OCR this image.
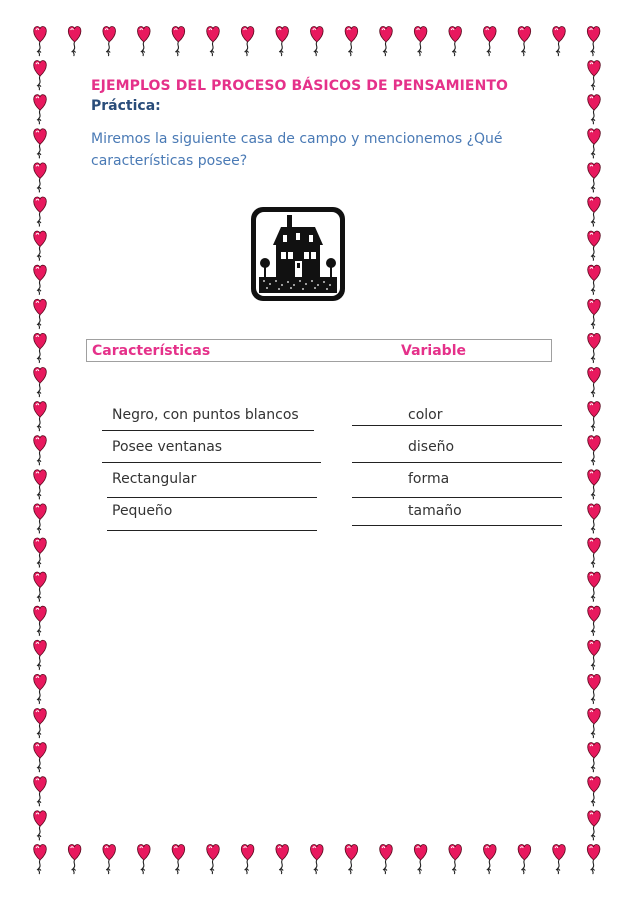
EJEMPLOS DEL PROCESO BÁSICOS DE PENSAMIENTO
Práctica:
Miremos la siguiente casa de campo y mencionemos ¿Qué características posee?
Características	Variable
Negro, con puntos blancos	color
Posee ventanas	diseño
Rectangular	forma
Pequeño	tamaño
